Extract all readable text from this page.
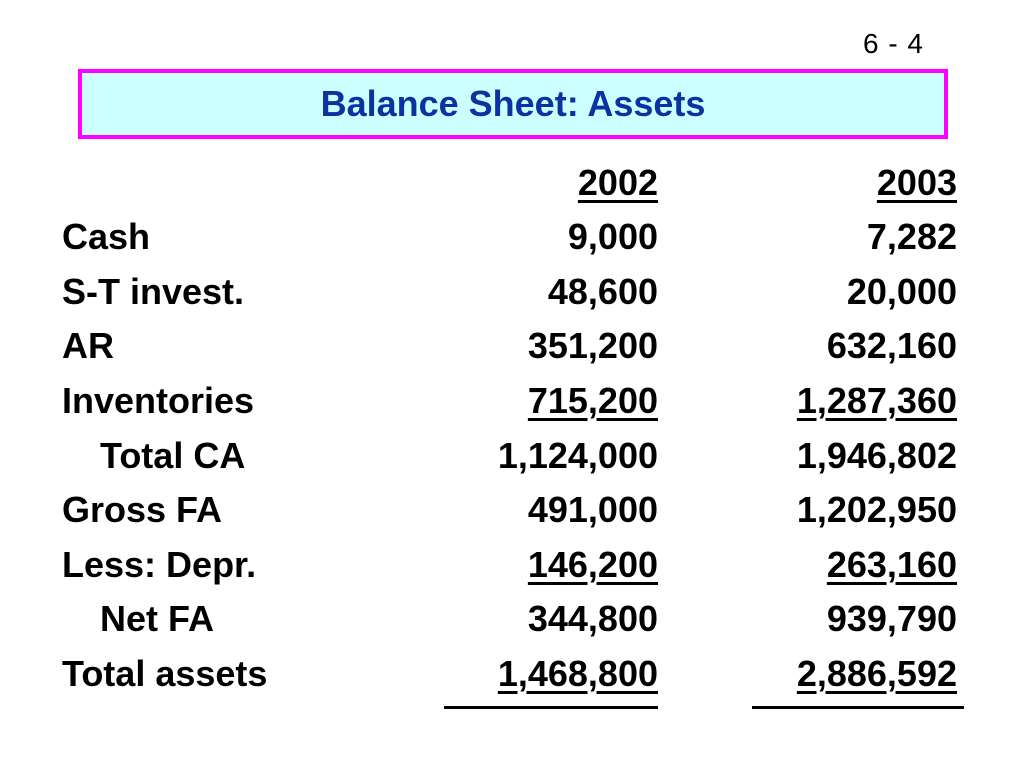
6 - 4
Balance Sheet: Assets
2002	2003
Cash	9,000	7,282
S-T invest.	48,600	20,000
AR	351,200	632,160
Inventories	715,200	1,287,360
Total CA	1,124,000	1,946,802
Gross FA	491,000	1,202,950
Less: Depr.	146,200	263,160
Net FA	344,800	939,790
Total assets	1,468,800	2,886,592
